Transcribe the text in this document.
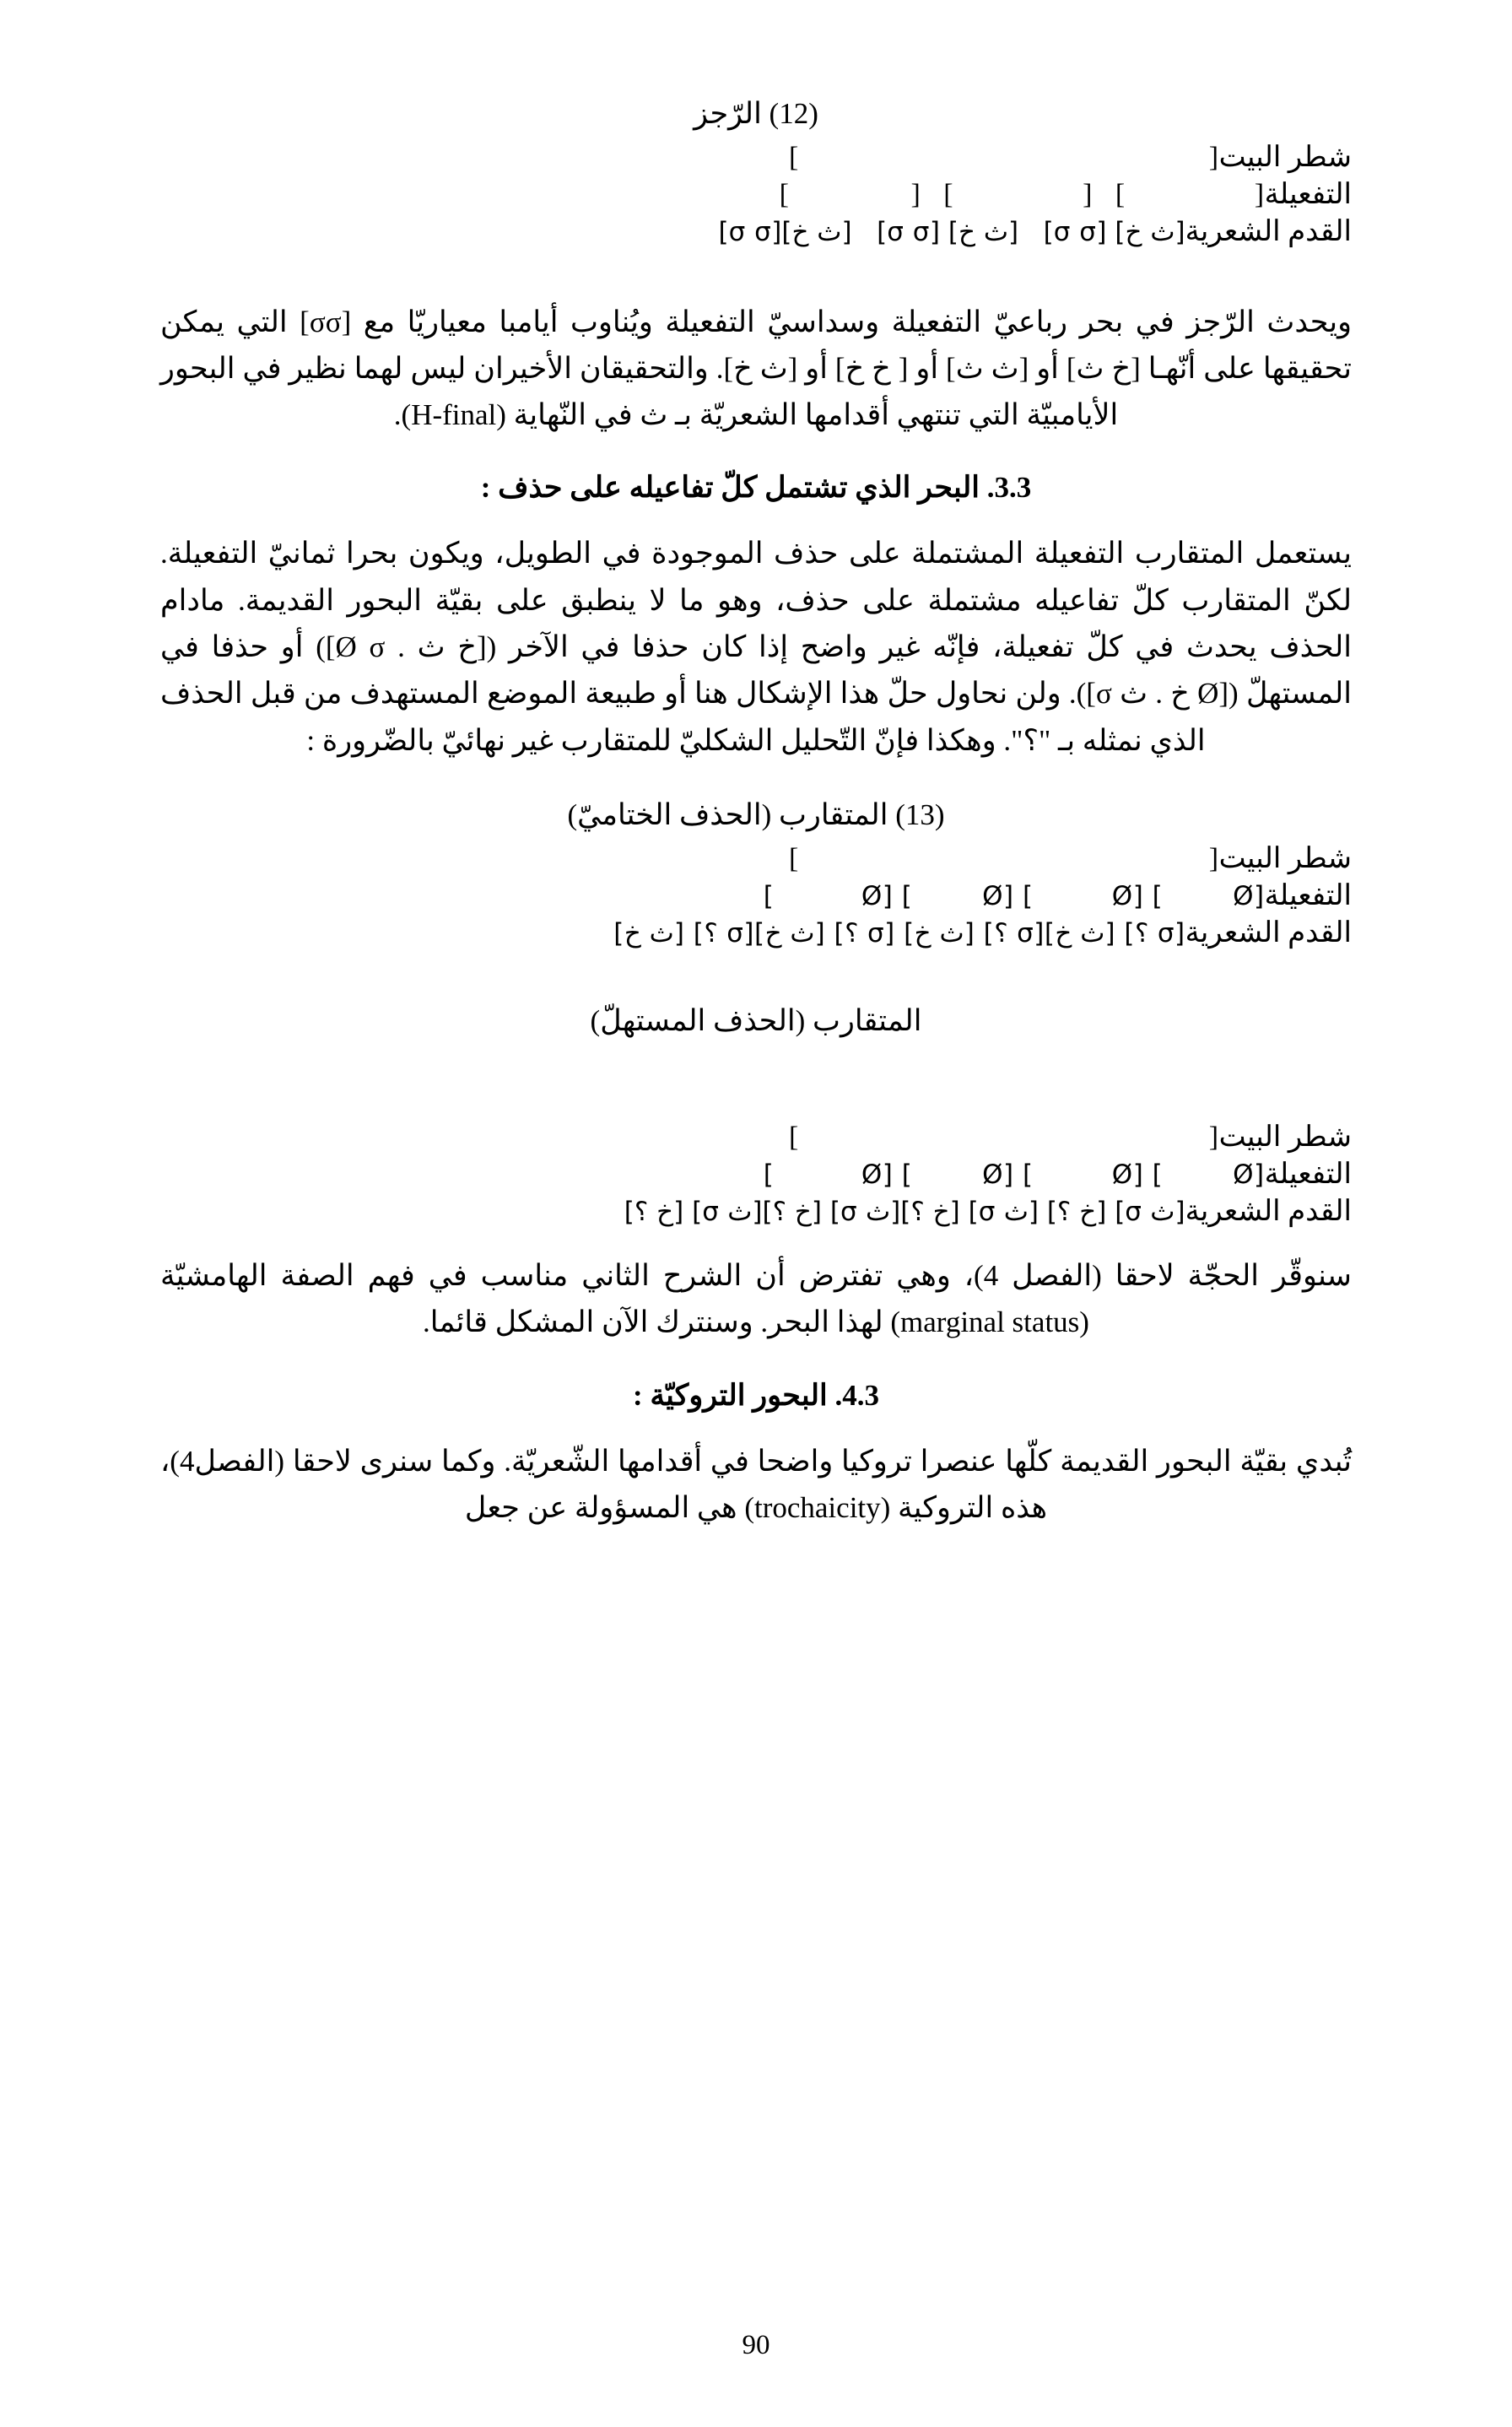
(12) الرّجز
شطر البيت
[                                                      ]
التفعيلة
[                 ]   [                 ]   [                ]
القدم الشعرية
[ث خ] [σ σ]   [ث خ] [σ σ]   [ث خ][σ σ]

ويحدث الرّجز في بحر رباعيّ التفعيلة وسداسيّ التفعيلة ويُناوب أيامبا معياريّا مع [σσ] التي يمكن تحقيقها على أنّهـا [خ ث] أو [ث ث] أو [ خ خ] أو [ث خ]. والتحقيقان الأخيران ليس لهما نظير في البحور الأيامبيّة التي تنتهي أقدامها الشعريّة بـ ث في النّهاية (H-final).

3.3. البحر الذي تشتمل كلّ تفاعيله على حذف :

يستعمل المتقارب التفعيلة المشتملة على حذف الموجودة في الطويل، ويكون بحرا ثمانيّ التفعيلة. لكنّ المتقارب كلّ تفاعيله مشتملة على حذف، وهو ما لا ينطبق على بقيّة البحور القديمة. مادام الحذف يحدث في كلّ تفعيلة، فإنّه غير واضح إذا كان حذفا في الآخر ([خ ث . Ø σ]) أو حذفا في المستهلّ ([Ø خ . ث σ]). ولن نحاول حلّ هذا الإشكال هنا أو طبيعة الموضع المستهدف من قبل الحذف الذي نمثله بـ "؟". وهكذا فإنّ التّحليل الشكليّ للمتقارب غير نهائيّ بالضّرورة :

(13) المتقارب (الحذف الختاميّ)
شطر البيت
[                                                      ]
التفعيلة
[Ø        ] [Ø         ] [Ø        ] [Ø          ]
القدم الشعرية
[σ ؟] [ث خ][σ ؟] [ث خ] [σ ؟] [ث خ][σ ؟] [ث خ]
المتقارب (الحذف المستهلّ)
شطر البيت
[                                                      ]
التفعيلة
[Ø        ] [Ø         ] [Ø        ] [Ø          ]
القدم الشعرية
[ث σ] [خ ؟] [ث σ] [خ ؟][ث σ] [خ ؟][ث σ] [خ ؟]

سنوقّر الحجّة لاحقا (الفصل 4)، وهي تفترض أن الشرح الثاني مناسب في فهم الصفة الهامشيّة (marginal status) لهذا البحر. وسنترك الآن المشكل قائما.

4.3. البحور التروكيّة :

تُبدي بقيّة البحور القديمة كلّها عنصرا تروكيا واضحا في أقدامها الشّعريّة. وكما سنرى لاحقا (الفصل4)، هذه التروكية (trochaicity) هي المسؤولة عن جعل

90
